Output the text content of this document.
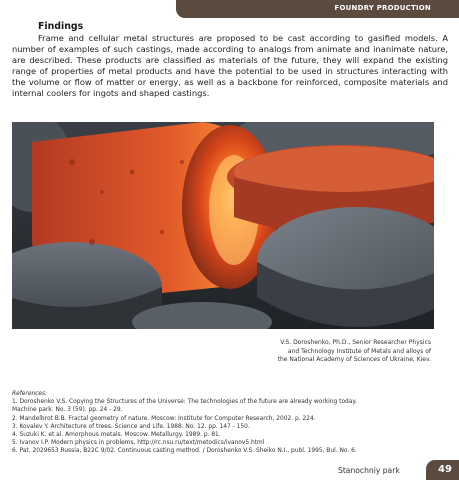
FOUNDRY PRODUCTION
Findings
Frame and cellular metal structures are proposed to be cast according to gasified models. A number of examples of such castings, made according to analogs from animate and inanimate nature, are described. These products are classified as materials of the future, they will expand the existing range of properties of metal products and have the potential to be used in structures interacting with the volume or flow of matter or energy, as well as a backbone for reinforced, composite materials and internal coolers for ingots and shaped castings.
V.S. Doroshenko, Ph.D., Senior Researcher Physics
and Technology Institute of Metals and alloys of
the National Academy of Sciences of Ukraine, Kiev.
References:
1. Doroshenko V.S. Copying the Structures of the Universe: The technologies of the future are already working today.
Machine park. No. 3 (59). pp. 24 - 29.
2. Mandelbrot B.B. Fractal geometry of nature. Moscow: Institute for Computer Research, 2002. p. 224.
3. Kovalev Y. Architecture of trees. Science and Life. 1988. No. 12. pp. 147 - 150.
4. Suzuki K. et al. Amorphous metals. Moscow. Metallurgy. 1989. p. 81.
5. Ivanov I.P. Modern physics in problems. http://rc.nsu.ru/text/metodics/ivanov5.html
6. Pat. 2029653 Russia, B22C 9/02. Continuous casting method. / Doroshenko V.S. Sheiko N.I., publ. 1995, Bul. No. 6.
Stanochniy park	49
